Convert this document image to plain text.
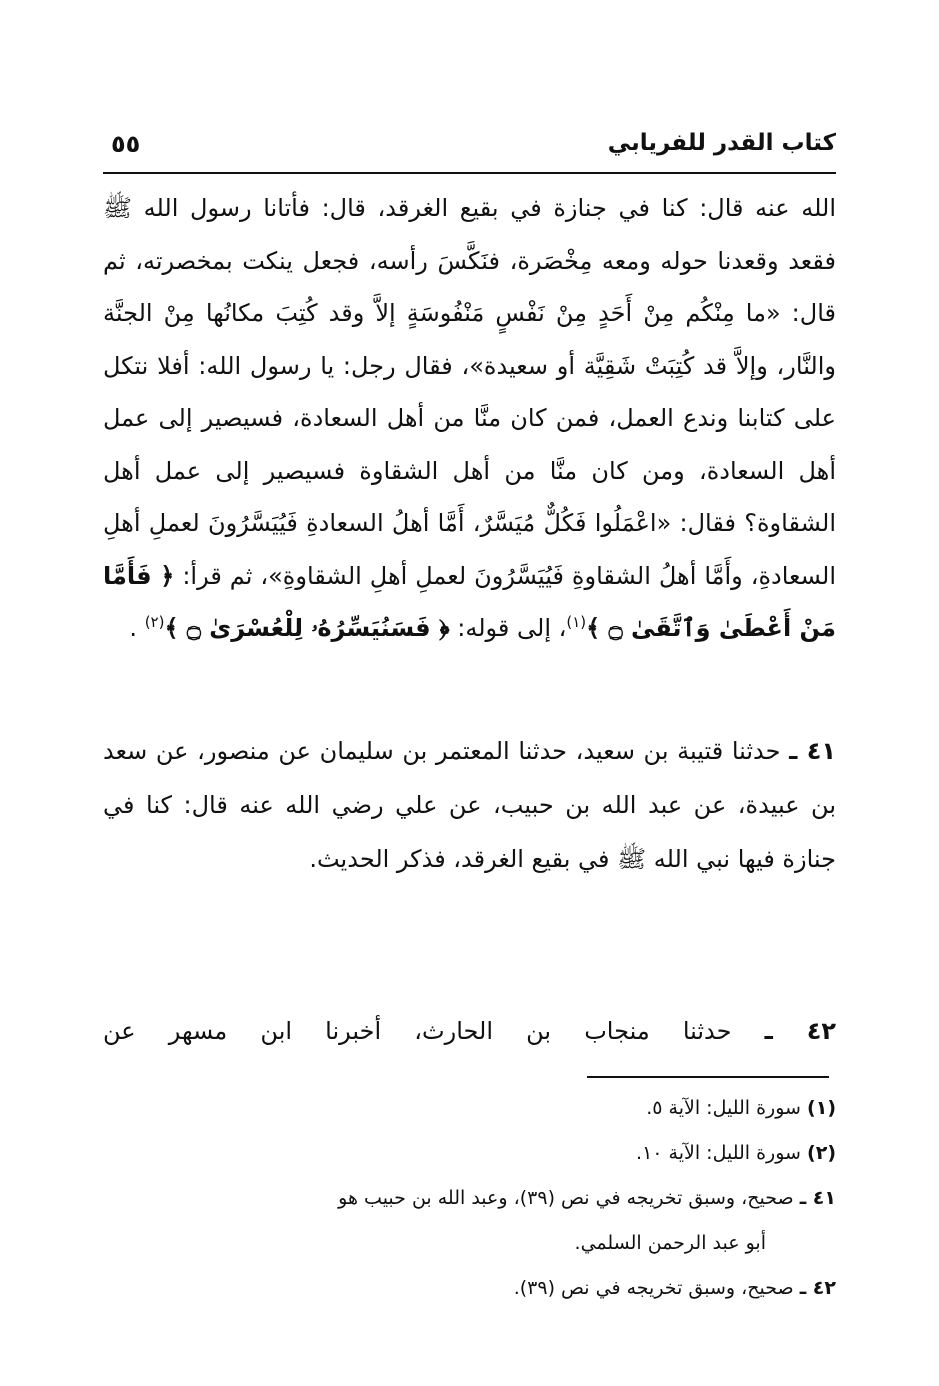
كتاب القدر للفريابي
٥٥

الله عنه قال: كنا في جنازة في بقيع الغرقد، قال: فأتانا رسول الله ﷺ فقعد وقعدنا حوله ومعه مِخْصَرة، فنَكَّسَ رأسه، فجعل ينكت بمخصرته، ثم قال: «ما مِنْكُم مِنْ أَحَدٍ مِنْ نَفْسٍ مَنْفُوسَةٍ إلاَّ وقد كُتِبَ مكانُها مِنْ الجنَّة والنَّار، وإلاَّ قد كُتِبَتْ شَقِيَّة أو سعيدة»، فقال رجل: يا رسول الله: أفلا نتكل على كتابنا وندع العمل، فمن كان منَّا من أهل السعادة، فسيصير إلى عمل أهل السعادة، ومن كان منَّا من أهل الشقاوة فسيصير إلى عمل أهل الشقاوة؟ فقال: «اعْمَلُوا فَكُلٌّ مُيَسَّرٌ، أَمَّا أهلُ السعادةِ فَيُيَسَّرُونَ لعملِ أهلِ السعادةِ، وأَمَّا أهلُ الشقاوةِ فَيُيَسَّرُونَ لعملِ أهلِ الشقاوةِ»، ثم قرأ: ﴿ فَأَمَّا مَنْ أَعْطَىٰ وَٱتَّقَىٰ ۝ ﴾$^{(١)}$، إلى قوله: ﴿ فَسَنُيَسِّرُهُۥ لِلْعُسْرَىٰ ۝ ﴾$^{(٢)}$ .

٤١ ـ حدثنا قتيبة بن سعيد، حدثنا المعتمر بن سليمان عن منصور، عن سعد بن عبيدة، عن عبد الله بن حبيب، عن علي رضي الله عنه قال: كنا في جنازة فيها نبي الله ﷺ في بقيع الغرقد، فذكر الحديث.
٤٢ ـ حدثنا منجاب بن الحارث، أخبرنا ابن مسهر عن

(١) سورة الليل: الآية ٥.

(٢) سورة الليل: الآية ١٠.

٤١ ـ صحيح، وسبق تخريجه في نص (٣٩)، وعبد الله بن حبيب هو

أبو عبد الرحمن السلمي.

٤٢ ـ صحيح، وسبق تخريجه في نص (٣٩).
